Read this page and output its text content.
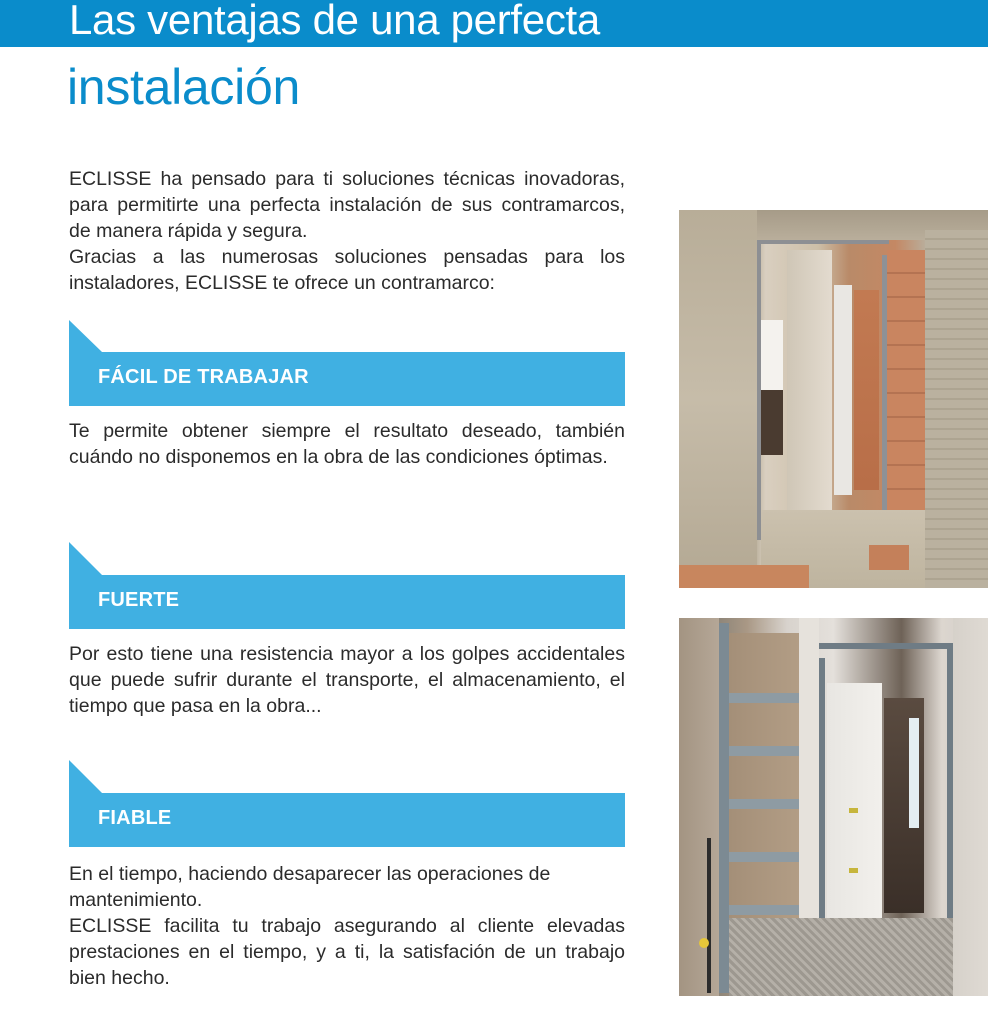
Las ventajas de una perfecta
instalación

ECLISSE ha pensado para ti soluciones técnicas inovadoras, para permitirte una perfecta instalación de sus contramarcos, de manera rápida y segura.

Gracias a las numerosas soluciones pensadas para los instaladores, ECLISSE te ofrece un contramarco:

FÁCIL DE TRABAJAR

Te permite obtener siempre el resultato deseado, también cuándo no disponemos en la obra de las condiciones óptimas.

FUERTE

Por esto tiene una resistencia mayor a los golpes accidentales que puede sufrir durante el transporte, el almacenamiento, el tiempo que pasa en la obra...

FIABLE

En el tiempo, haciendo desaparecer las operaciones de mantenimiento.

ECLISSE facilita tu trabajo asegurando al cliente elevadas prestaciones en el tiempo, y a ti, la satisfación de un trabajo bien hecho.
